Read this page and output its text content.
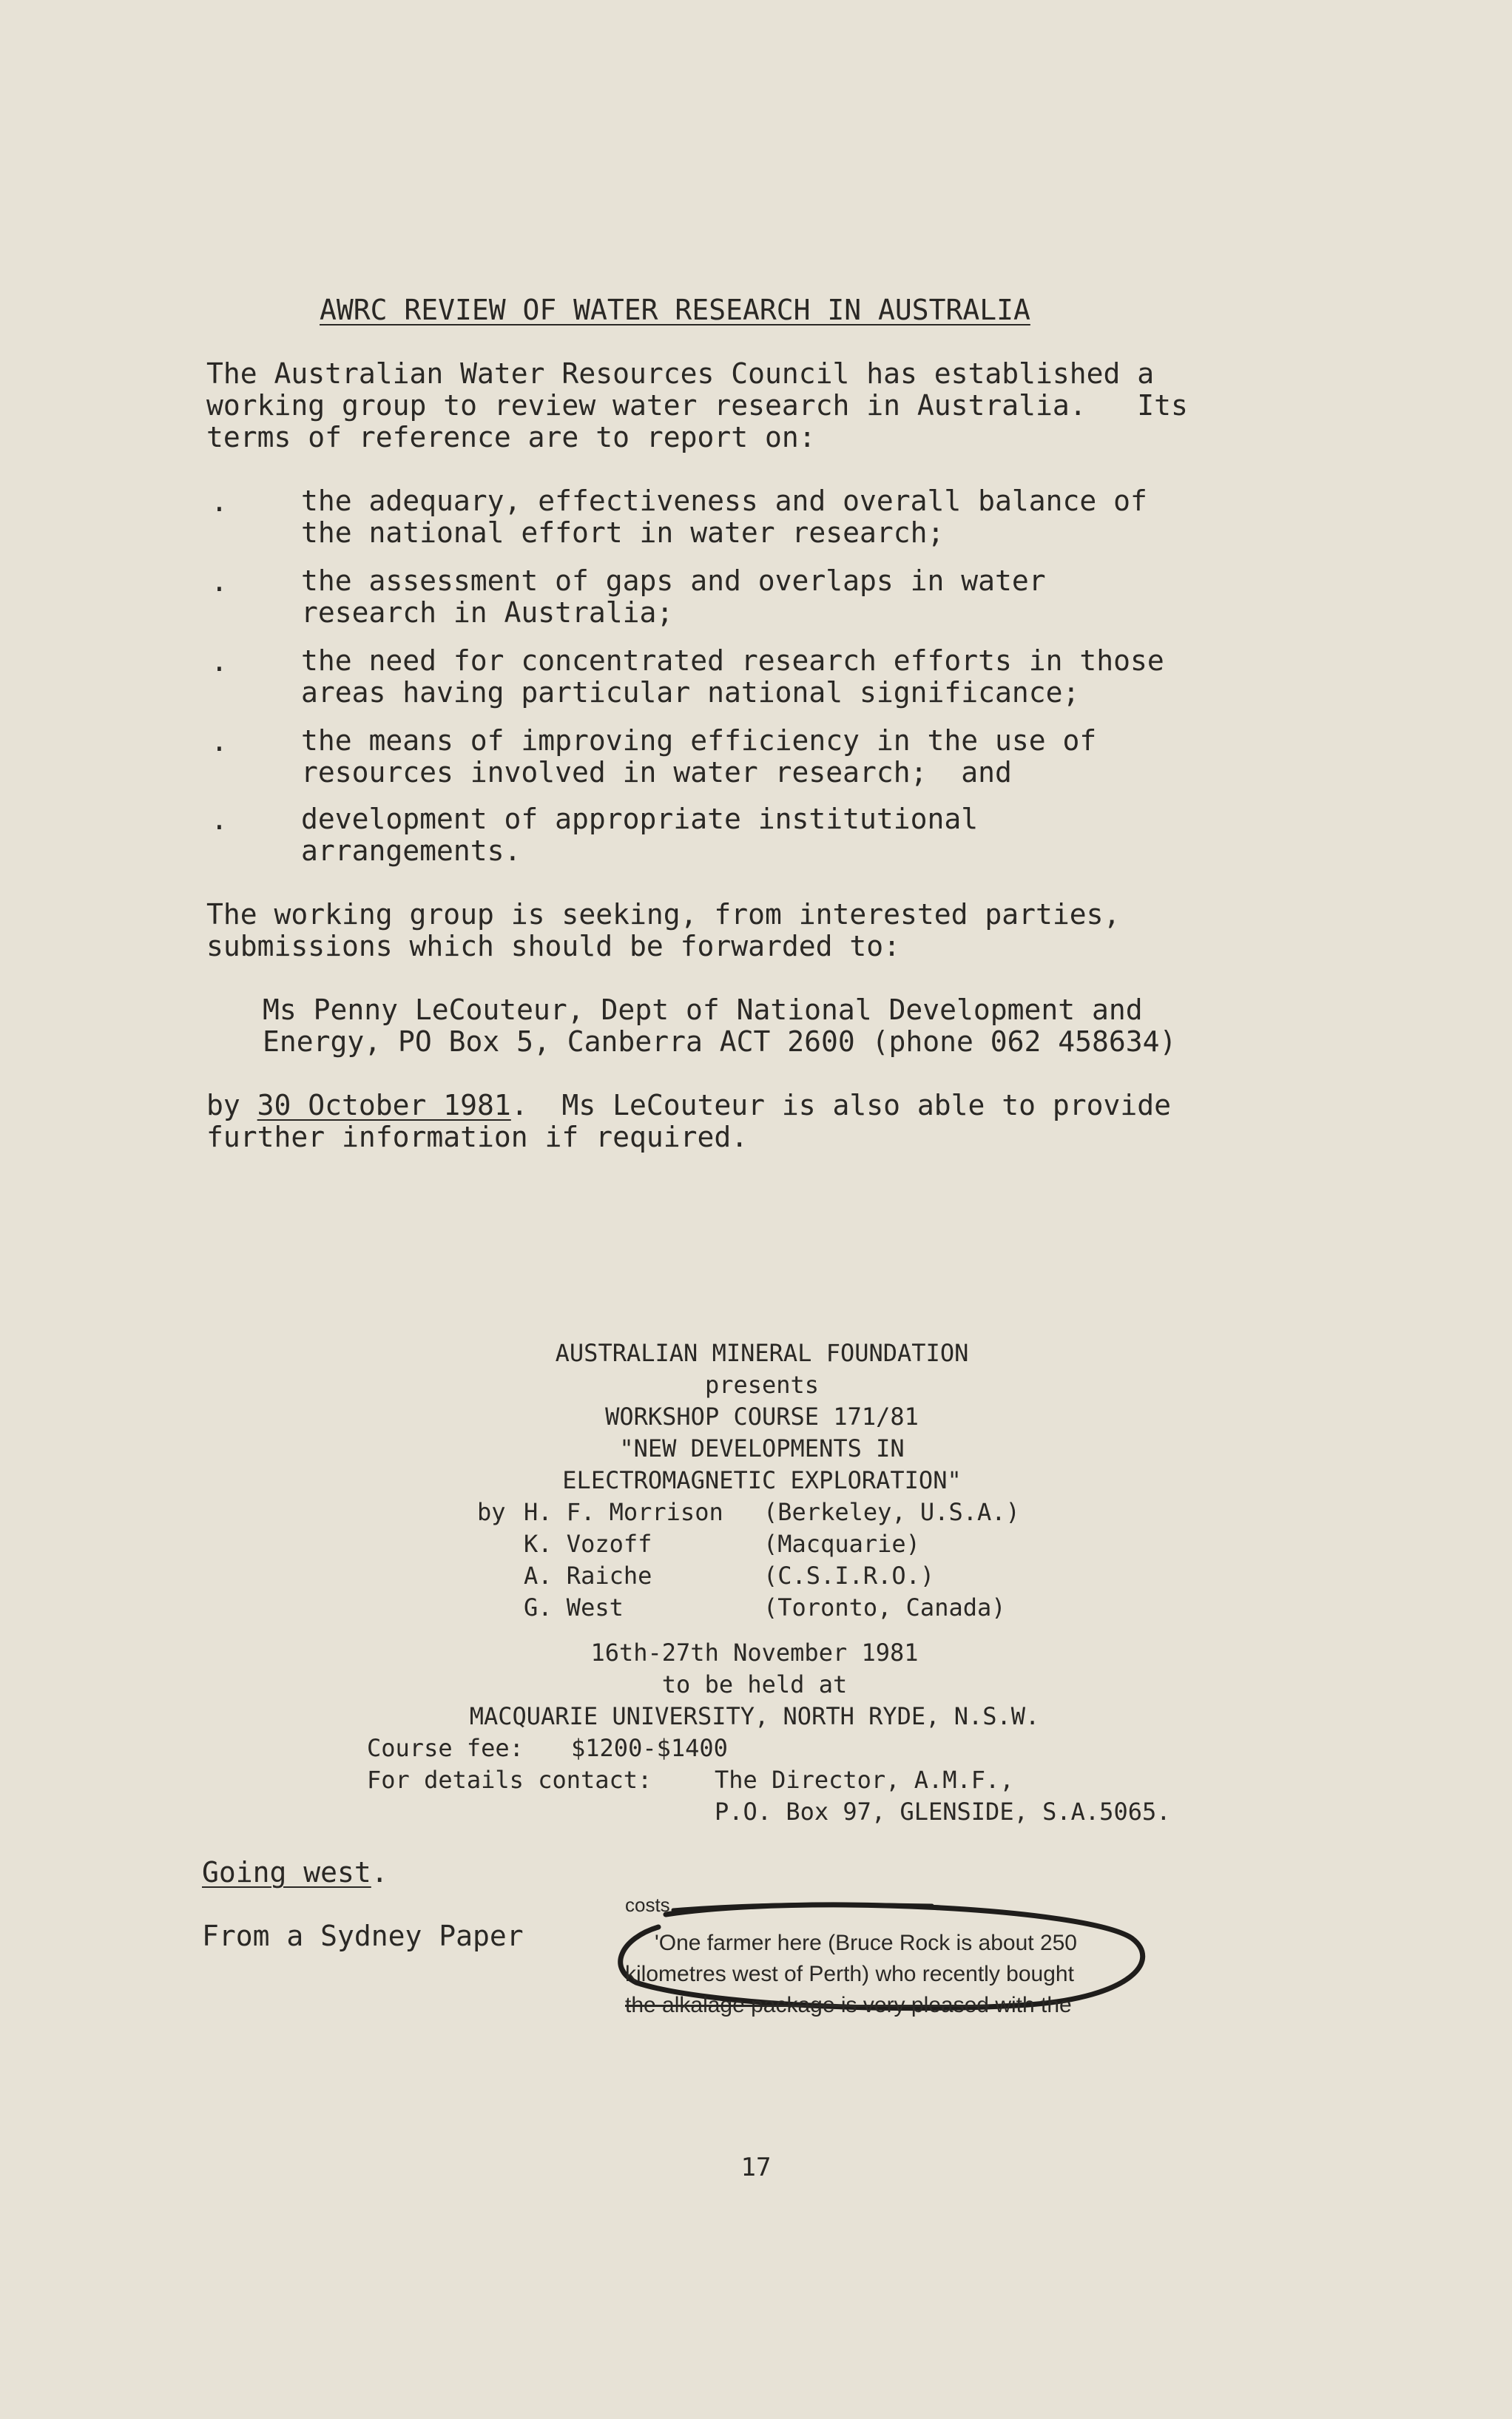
AWRC REVIEW OF WATER RESEARCH IN AUSTRALIA
The Australian Water Resources Council has established a
working group to review water research in Australia.   Its
terms of reference are to report on:
.	the adequary, effectiveness and overall balance of
the national effort in water research;
.	the assessment of gaps and overlaps in water
research in Australia;
.	the need for concentrated research efforts in those
areas having particular national significance;
.	the means of improving efficiency in the use of
resources involved in water research;  and
.	development of appropriate institutional
arrangements.
The working group is seeking, from interested parties,
submissions which should be forwarded to:
Ms Penny LeCouteur, Dept of National Development and
Energy, PO Box 5, Canberra ACT 2600 (phone 062 458634)
by 30 October 1981.  Ms LeCouteur is also able to provide
further information if required.
AUSTRALIAN MINERAL FOUNDATION
presents
WORKSHOP COURSE 171/81
"NEW DEVELOPMENTS IN
ELECTROMAGNETIC EXPLORATION"
by H. F. Morrison (Berkeley, U.S.A.)
K. Vozoff	(Macquarie)
A. Raiche	(C.S.I.R.O.)
G. West	(Toronto, Canada)
16th-27th November 1981
to be held at
MACQUARIE UNIVERSITY, NORTH RYDE, N.S.W.
Course fee: $1200-$1400
For details contact:	The Director, A.M.F.,
P.O. Box 97, GLENSIDE, S.A.5065.
Going west.
From a Sydney Paper
costs
'One farmer here (Bruce Rock is about 250
kilometres west of Perth) who recently bought
the alkalage package is very pleased with the
17
